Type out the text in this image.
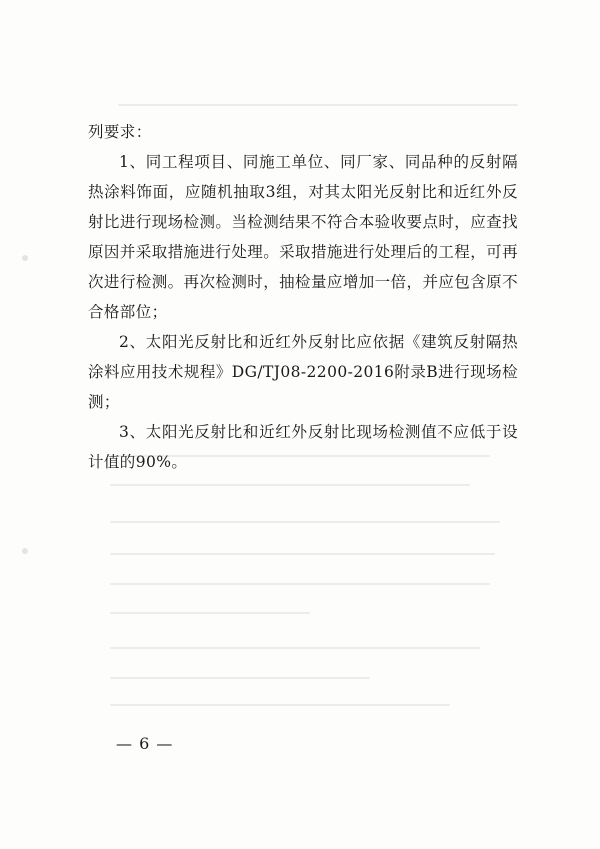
列要求：

1、同工程项目、同施工单位、同厂家、同品种的反射隔热涂料饰面，应随机抽取3组，对其太阳光反射比和近红外反射比进行现场检测。当检测结果不符合本验收要点时，应查找原因并采取措施进行处理。采取措施进行处理后的工程，可再次进行检测。再次检测时，抽检量应增加一倍，并应包含原不合格部位；

2、太阳光反射比和近红外反射比应依据《建筑反射隔热涂料应用技术规程》DG/TJ08-2200-2016附录B进行现场检测；

3、太阳光反射比和近红外反射比现场检测值不应低于设计值的90%。

— 6 —
